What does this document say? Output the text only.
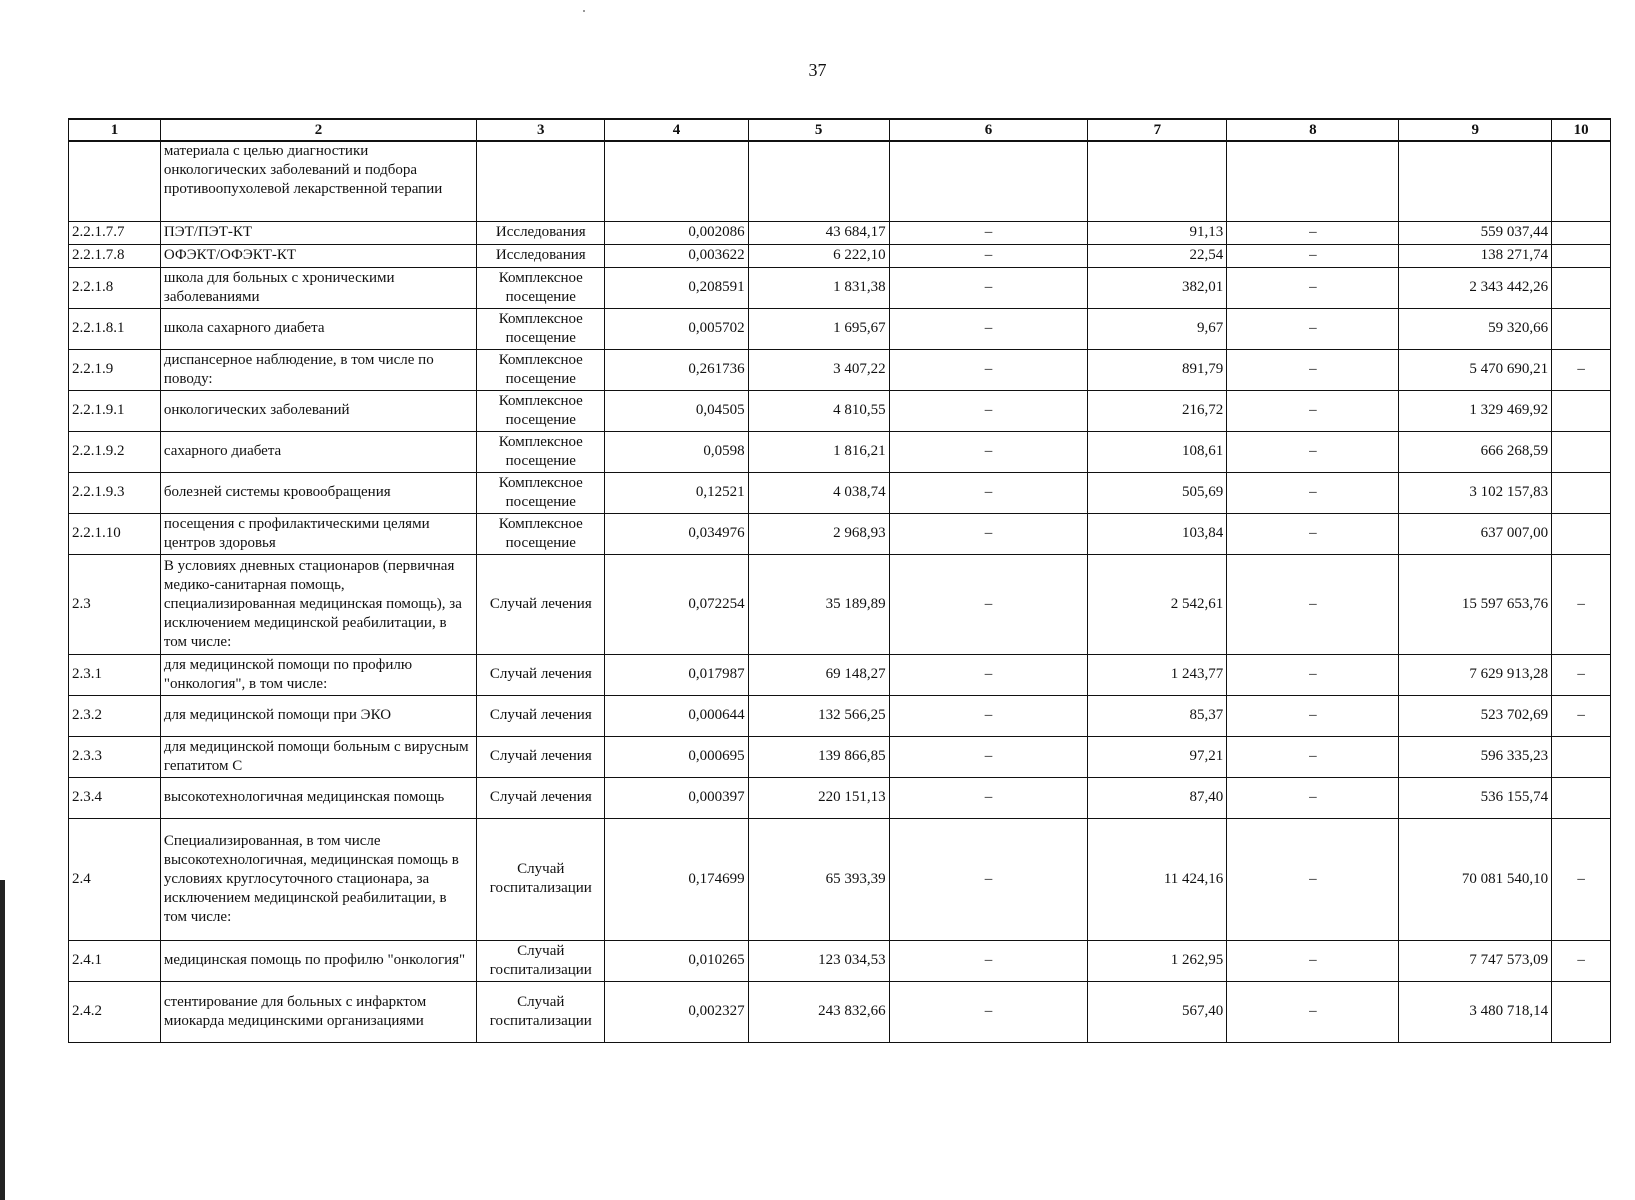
37
1	2	3	4	5	6	7	8	9	10
	материала с целью диагностики онкологических заболеваний и подбора противоопухолевой лекарственной терапии								
2.2.1.7.7	ПЭТ/ПЭТ-КТ	Исследования	0,002086	43 684,17	–	91,13	–	559 037,44	
2.2.1.7.8	ОФЭКТ/ОФЭКТ-КТ	Исследования	0,003622	6 222,10	–	22,54	–	138 271,74	
2.2.1.8	школа для больных с хроническими заболеваниями	Комплексное посещение	0,208591	1 831,38	–	382,01	–	2 343 442,26	
2.2.1.8.1	школа сахарного диабета	Комплексное посещение	0,005702	1 695,67	–	9,67	–	59 320,66	
2.2.1.9	диспансерное наблюдение, в том числе по поводу:	Комплексное посещение	0,261736	3 407,22	–	891,79	–	5 470 690,21	–
2.2.1.9.1	онкологических заболеваний	Комплексное посещение	0,04505	4 810,55	–	216,72	–	1 329 469,92	
2.2.1.9.2	сахарного диабета	Комплексное посещение	0,0598	1 816,21	–	108,61	–	666 268,59	
2.2.1.9.3	болезней системы кровообращения	Комплексное посещение	0,12521	4 038,74	–	505,69	–	3 102 157,83	
2.2.1.10	посещения с профилактическими целями центров здоровья	Комплексное посещение	0,034976	2 968,93	–	103,84	–	637 007,00	
2.3	В условиях дневных стационаров (первичная медико-санитарная помощь, специализированная медицинская помощь), за исключением медицинской реабилитации, в том числе:	Случай лечения	0,072254	35 189,89	–	2 542,61	–	15 597 653,76	–
2.3.1	для медицинской помощи по профилю "онкология", в том числе:	Случай лечения	0,017987	69 148,27	–	1 243,77	–	7 629 913,28	–
2.3.2	для медицинской помощи при ЭКО	Случай лечения	0,000644	132 566,25	–	85,37	–	523 702,69	–
2.3.3	для медицинской помощи больным с вирусным гепатитом С	Случай лечения	0,000695	139 866,85	–	97,21	–	596 335,23	
2.3.4	высокотехнологичная медицинская помощь	Случай лечения	0,000397	220 151,13	–	87,40	–	536 155,74	
2.4	Специализированная, в том числе высокотехнологичная, медицинская помощь в условиях круглосуточного стационара, за исключением медицинской реабилитации, в том числе:	Случай госпитализации	0,174699	65 393,39	–	11 424,16	–	70 081 540,10	–
2.4.1	медицинская помощь по профилю "онкология"	Случай госпитализации	0,010265	123 034,53	–	1 262,95	–	7 747 573,09	–
2.4.2	стентирование для больных с инфарктом миокарда медицинскими организациями	Случай госпитализации	0,002327	243 832,66	–	567,40	–	3 480 718,14	
